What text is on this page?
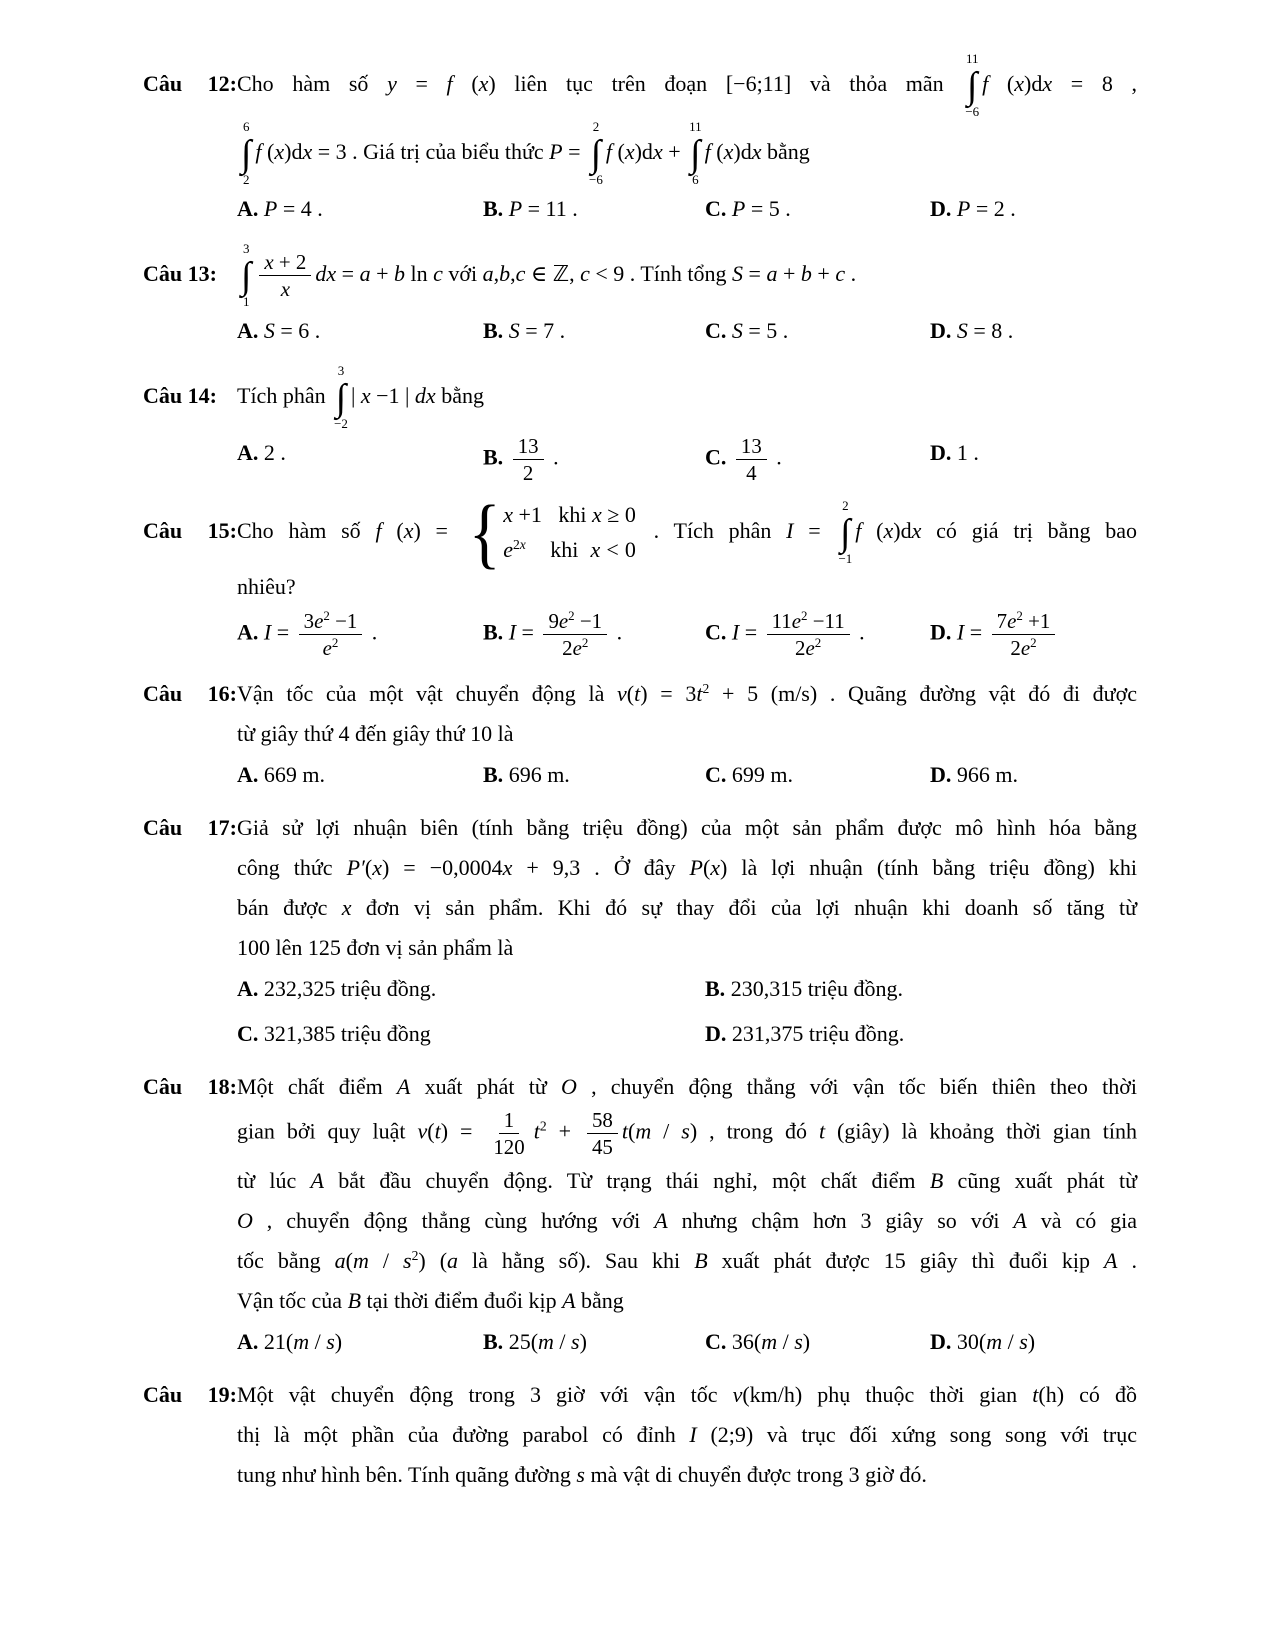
Câu 12:Cho hàm số y = f (x) liên tục trên đoạn [−6;11] và thỏa mãn
11
∫
−6
f (x)dx = 8 ,
6
∫
2
f (x)dx = 3 . Giá trị của biểu thức P =
2
∫
−6
f (x)dx +
11
∫
6
f (x)dx bằng
A. P = 4 .	B. P = 11 .	C. P = 5 .	D. P = 2 .
Câu 13:
3
∫
$1 \frac{x + 2}{x}$ dx = a + b ln c với a,b,c ∈ ℤ, c < 9 . Tính tổng S = a + b + c .
A. S = 6 .	B. S = 7 .	C. S = 5 .	D. S = 8 .
Câu 14: Tích phân
3
∫
−2
| x −1 | dx bằng
A. 2 .	B. $\frac{13}{2}$ .	C. $\frac{13}{4}$ .	D. 1 .
Câu 15:Cho hàm số f (x) = { x +1   khi x ≥ 0
$e^{2x}$    khi  x < 0
. Tích phân I =
2
∫
−1
f (x)dx có giá trị bằng bao
nhiêu?
A. $I = \frac{3e^2 -1}{e^2}$ .	B. $I = \frac{9e^2 -1}{2e^2}$ .	C. $I = \frac{11e^2 -11}{2e^2}$ .	D. $I = \frac{7e^2 +1}{2e^2}$
Câu 16:Vận tốc của một vật chuyển động là $v(t) = 3t^2 + 5$ (m/s) . Quãng đường vật đó đi được
từ giây thứ 4 đến giây thứ 10 là
A. 669 m.	B. 696 m.	C. 699 m.	D. 966 m.
Câu 17:Giả sử lợi nhuận biên (tính bằng triệu đồng) của một sản phẩm được mô hình hóa bằng
công thức P′(x) = −0,0004x + 9,3 . Ở đây P(x) là lợi nhuận (tính bằng triệu đồng) khi
bán được x đơn vị sản phẩm. Khi đó sự thay đổi của lợi nhuận khi doanh số tăng từ
100 lên 125 đơn vị sản phẩm là
A. 232,325 triệu đồng.	B. 230,315 triệu đồng.
C. 321,385 triệu đồng	D. 231,375 triệu đồng.
Câu 18:Một chất điểm A xuất phát từ O , chuyển động thẳng với vận tốc biến thiên theo thời
gian bởi quy luật $v(t) = \frac{1}{120} t^2 + \frac{58}{45} t(m / s)$ , trong đó t (giây) là khoảng thời gian tính
từ lúc A bắt đầu chuyển động. Từ trạng thái nghỉ, một chất điểm B cũng xuất phát từ
O , chuyển động thẳng cùng hướng với A nhưng chậm hơn 3 giây so với A và có gia
tốc bằng $a(m / s^2)$ (a là hằng số). Sau khi B xuất phát được 15 giây thì đuổi kịp A .
Vận tốc của B tại thời điểm đuổi kịp A bằng
A. 21(m / s)	B. 25(m / s)	C. 36(m / s)	D. 30(m / s)
Câu 19:Một vật chuyển động trong 3 giờ với vận tốc v(km/h) phụ thuộc thời gian t(h) có đồ
thị là một phần của đường parabol có đỉnh I (2;9) và trục đối xứng song song với trục
tung như hình bên. Tính quãng đường s mà vật di chuyển được trong 3 giờ đó.
